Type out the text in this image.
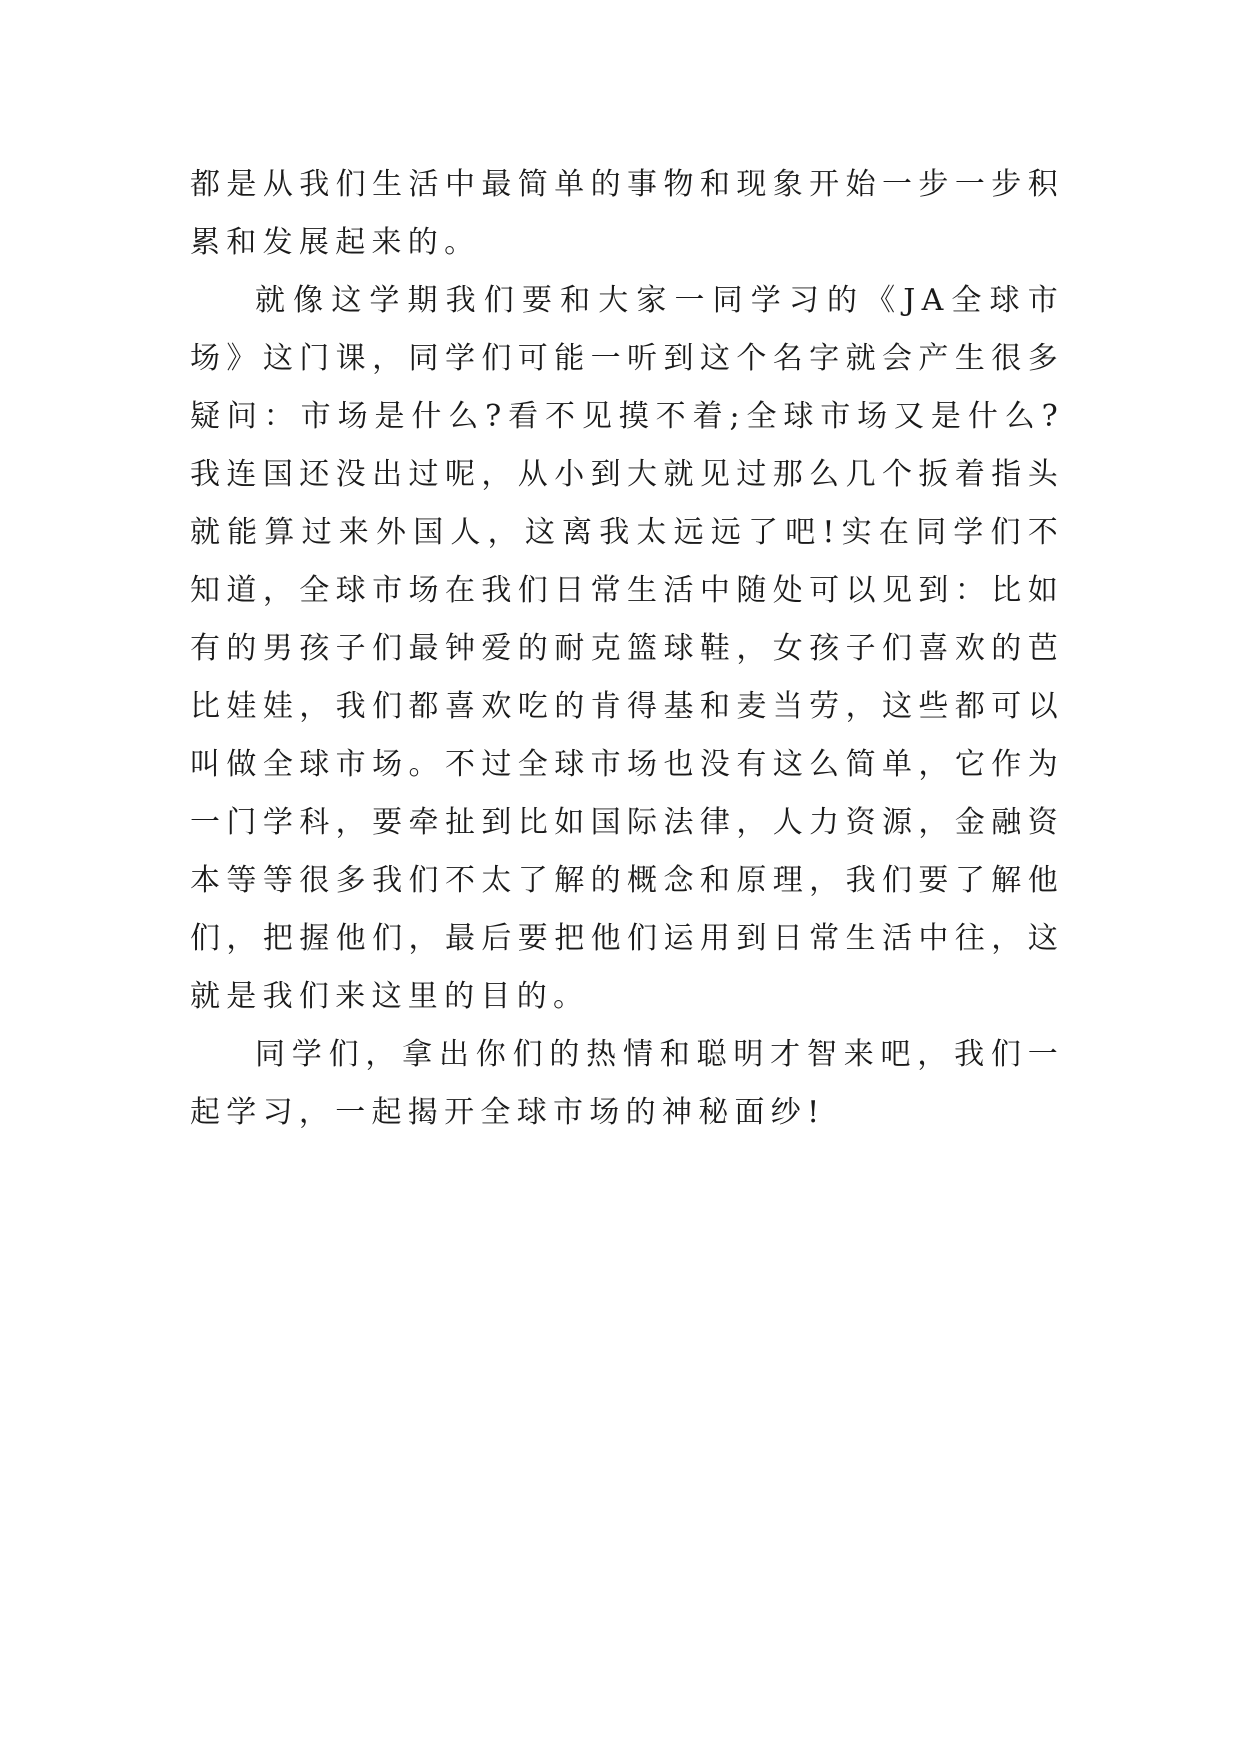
都是从我们生活中最简单的事物和现象开始一步一步积累和发展起来的。

就像这学期我们要和大家一同学习的《JA全球市场》这门课，同学们可能一听到这个名字就会产生很多疑问：市场是什么?看不见摸不着;全球市场又是什么?我连国还没出过呢，从小到大就见过那么几个扳着指头就能算过来外国人，这离我太远远了吧!实在同学们不知道，全球市场在我们日常生活中随处可以见到：比如有的男孩子们最钟爱的耐克篮球鞋，女孩子们喜欢的芭比娃娃，我们都喜欢吃的肯得基和麦当劳，这些都可以叫做全球市场。不过全球市场也没有这么简单，它作为一门学科，要牵扯到比如国际法律，人力资源，金融资本等等很多我们不太了解的概念和原理，我们要了解他们，把握他们，最后要把他们运用到日常生活中往，这就是我们来这里的目的。

同学们，拿出你们的热情和聪明才智来吧，我们一起学习，一起揭开全球市场的神秘面纱!
